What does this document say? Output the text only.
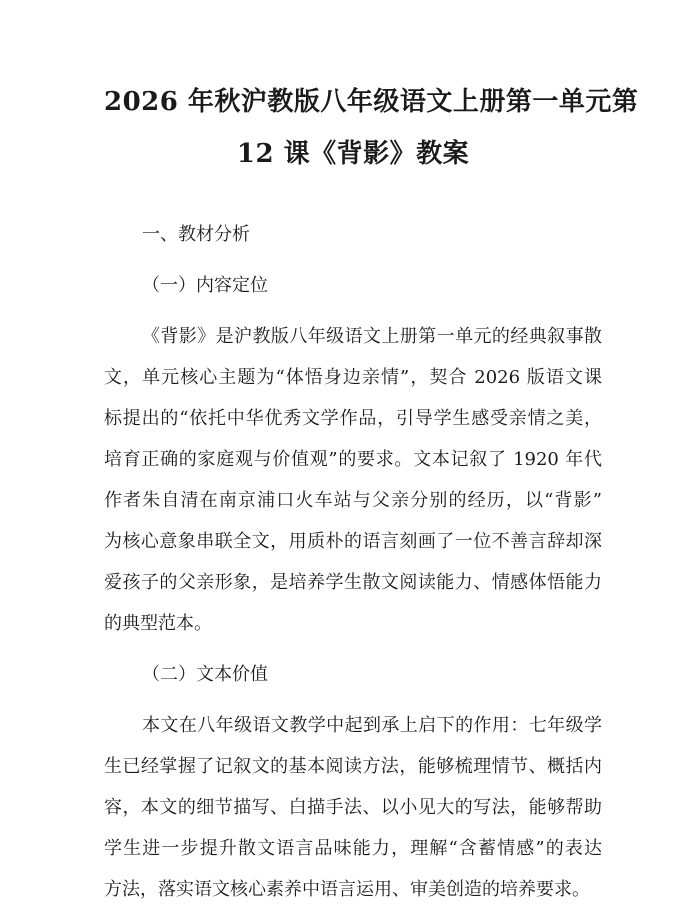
2026 年秋沪教版八年级语文上册第一单元第
12 课《背影》教案

一、教材分析

（一）内容定位

《背影》是沪教版八年级语文上册第一单元的经典叙事散
文，单元核心主题为“体悟身边亲情”，契合 2026 版语文课
标提出的“依托中华优秀文学作品，引导学生感受亲情之美，
培育正确的家庭观与价值观”的要求。文本记叙了 1920 年代
作者朱自清在南京浦口火车站与父亲分别的经历，以“背影”
为核心意象串联全文，用质朴的语言刻画了一位不善言辞却深
爱孩子的父亲形象，是培养学生散文阅读能力、情感体悟能力
的典型范本。

（二）文本价值

本文在八年级语文教学中起到承上启下的作用：七年级学
生已经掌握了记叙文的基本阅读方法，能够梳理情节、概括内
容，本文的细节描写、白描手法、以小见大的写法，能够帮助
学生进一步提升散文语言品味能力，理解“含蓄情感”的表达
方法，落实语文核心素养中语言运用、审美创造的培养要求。
